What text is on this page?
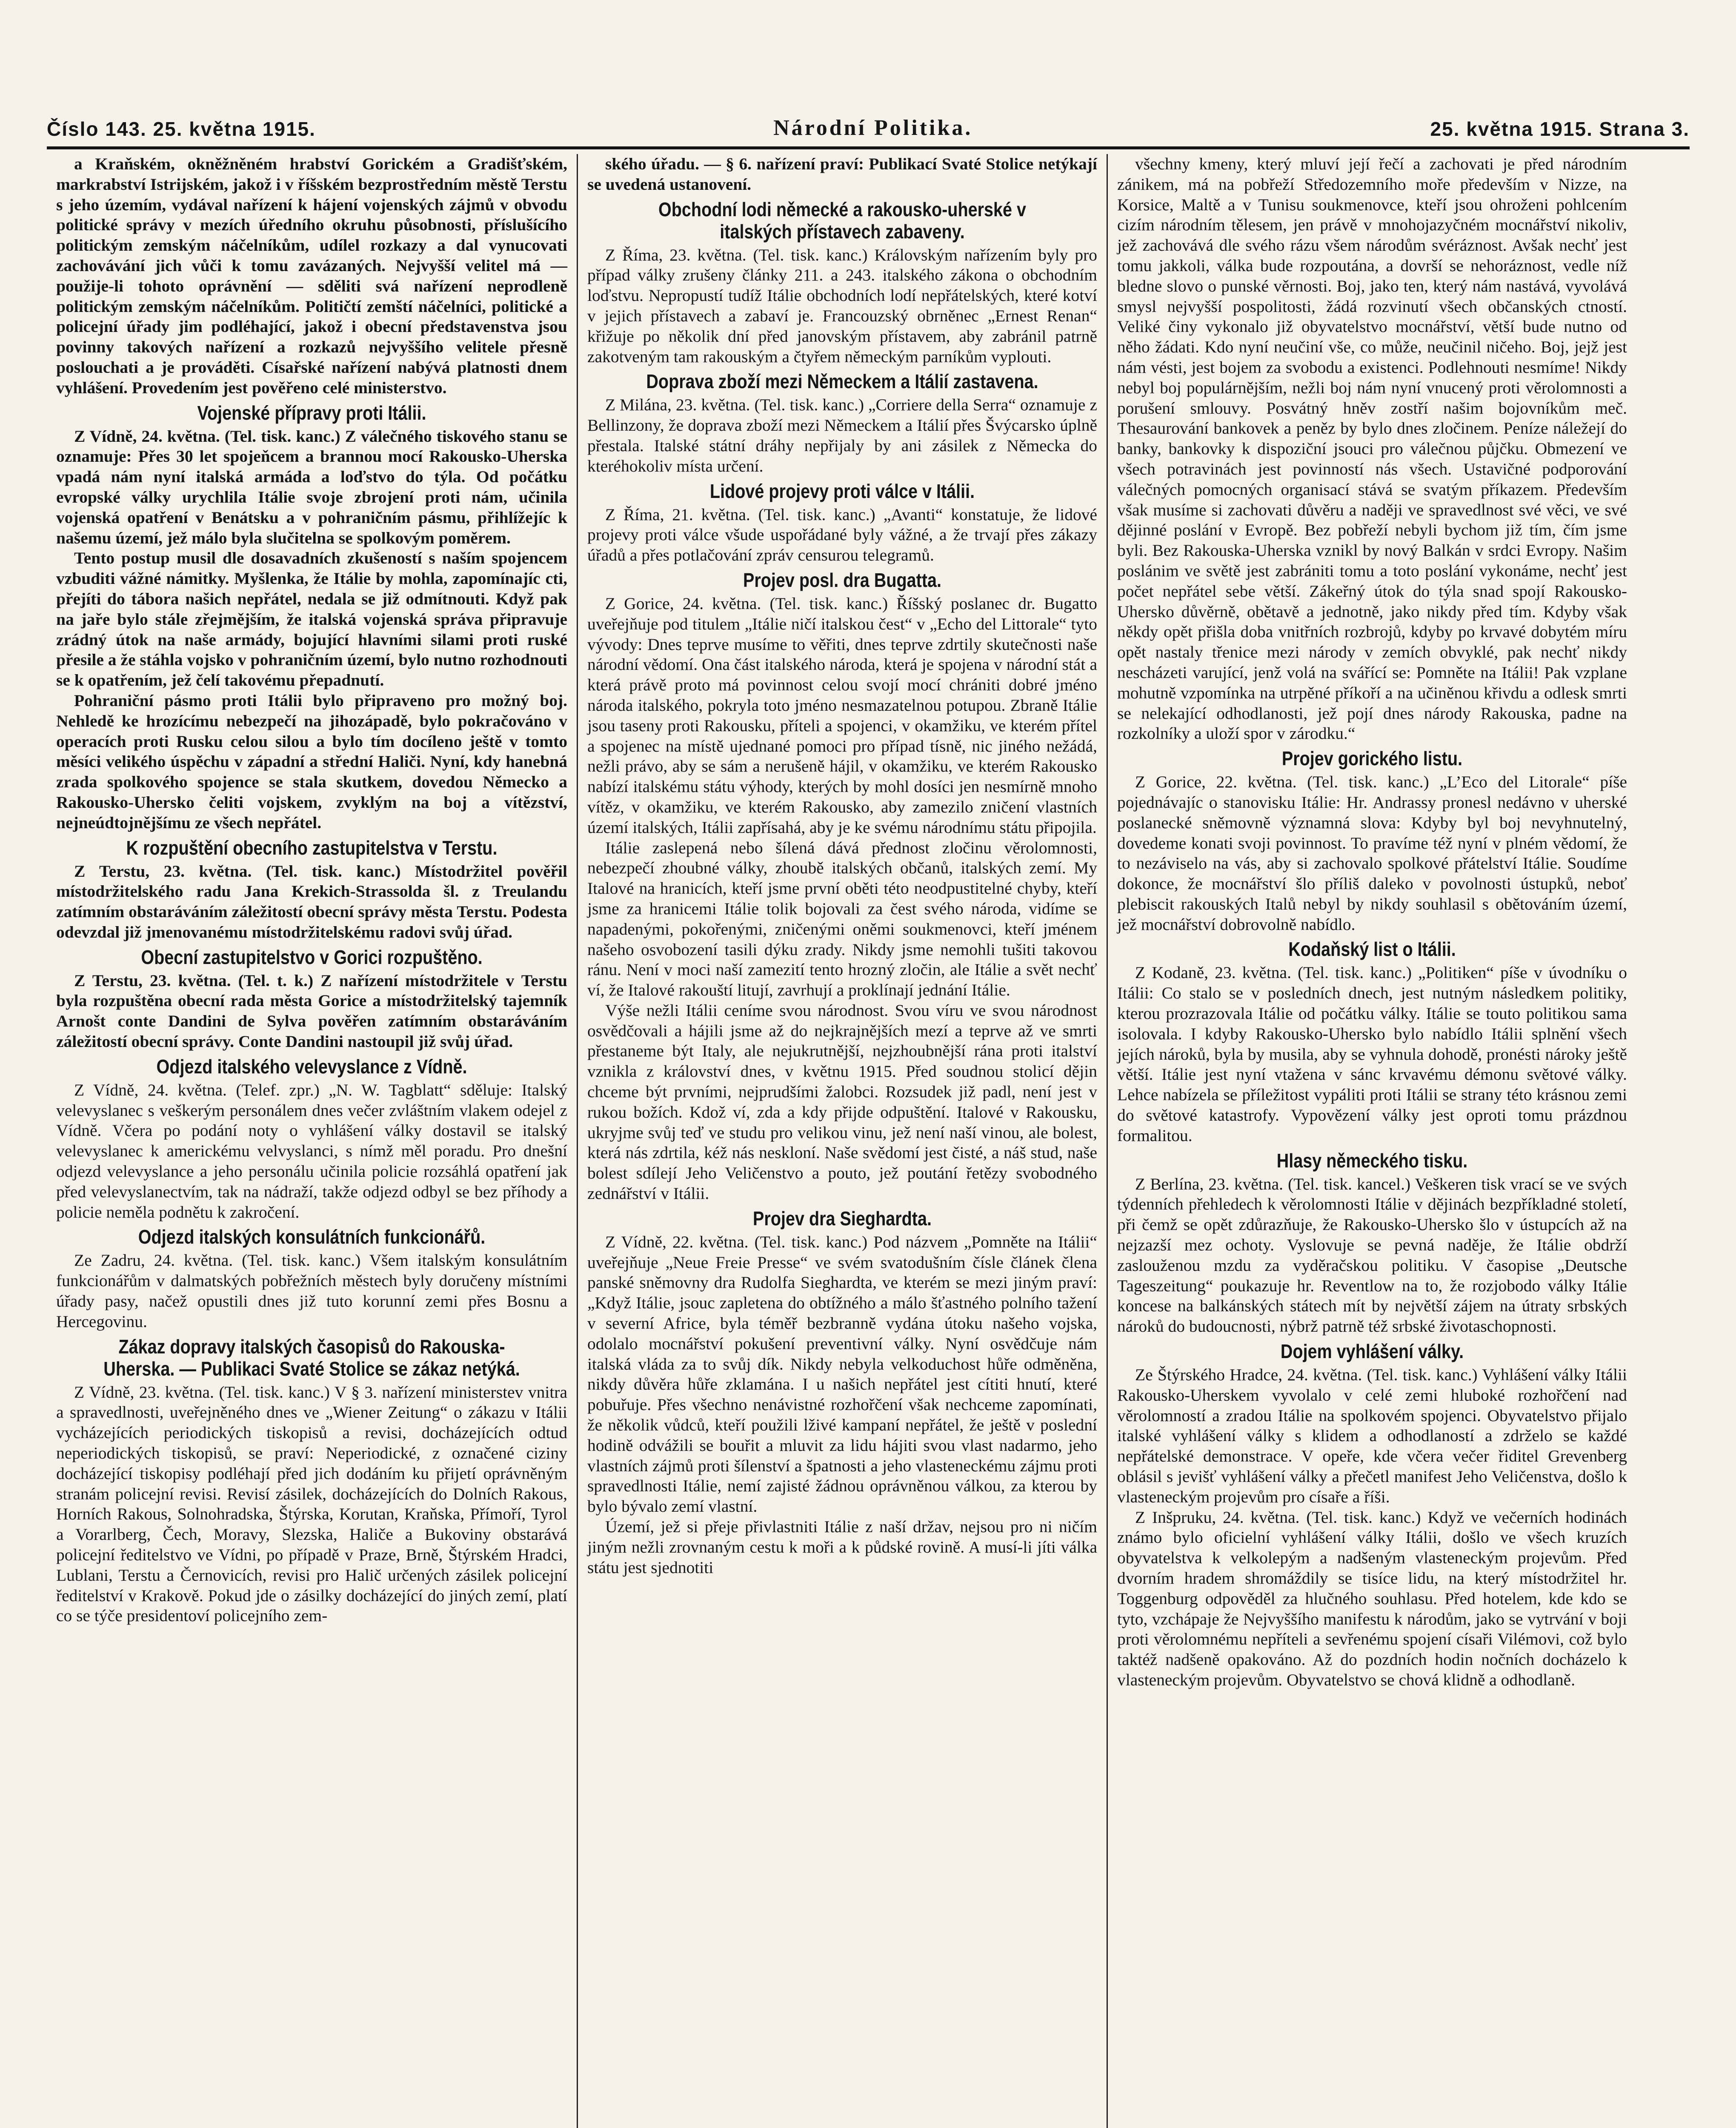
Číslo 143. 25. května 1915.	Národní Politika.	25. května 1915. Strana 3.

a Kraňském, okněžněném hrabství Gorickém a Gradišťském, markrabství Istrijském, jakož i v říšském bezprostředním městě Terstu s jeho územím, vydával nařízení k hájení vojenských zájmů v obvodu politické správy v mezích úředního okruhu působnosti, příslušícího politickým zemským náčelníkům, udílel rozkazy a dal vynucovati zachovávání jich vůči k tomu zavázaných. Nejvyšší velitel má — použije-li tohoto oprávnění — sděliti svá nařízení neprodleně politickým zemským náčelníkům. Političtí zemští náčelníci, politické a policejní úřady jim podléhající, jakož i obecní představenstva jsou povinny takových nařízení a rozkazů nejvyššího velitele přesně poslouchati a je prováděti. Císařské nařízení nabývá platnosti dnem vyhlášení. Provedením jest pověřeno celé ministerstvo.

Vojenské přípravy proti Itálii.

Z Vídně, 24. května. (Tel. tisk. kanc.) Z válečného tiskového stanu se oznamuje: Přes 30 let spojeňcem a brannou mocí Rakousko-Uherska vpadá nám nyní italská armáda a loďstvo do týla. Od počátku evropské války urychlila Itálie svoje zbrojení proti nám, učinila vojenská opatření v Benátsku a v pohraničním pásmu, přihlížejíc k našemu území, jež málo byla slučitelna se spolkovým poměrem.

Tento postup musil dle dosavadních zkušeností s naším spojencem vzbuditi vážné námitky. Myšlenka, že Itálie by mohla, zapomínajíc cti, přejíti do tábora našich nepřátel, nedala se již odmítnouti. Když pak na jaře bylo stále zřejmějším, že italská vojenská správa připravuje zrádný útok na naše armády, bojující hlavními silami proti ruské přesile a že stáhla vojsko v pohraničním území, bylo nutno rozhodnouti se k opatřením, jež čelí takovému přepadnutí.

Pohraniční pásmo proti Itálii bylo připraveno pro možný boj. Nehledě ke hrozícímu nebezpečí na jihozápadě, bylo pokračováno v operacích proti Rusku celou silou a bylo tím docíleno ještě v tomto měsíci velikého úspěchu v západní a střední Haliči. Nyní, kdy hanebná zrada spolkového spojence se stala skutkem, dovedou Německo a Rakousko-Uhersko čeliti vojskem, zvyklým na boj a vítězství, nejneúdtojnějšímu ze všech nepřátel.

K rozpuštění obecního zastupitelstva v Terstu.

Z Terstu, 23. května. (Tel. tisk. kanc.) Místodržitel pověřil místodržitelského radu Jana Krekich-Strassolda šl. z Treulandu zatímním obstaráváním záležitostí obecní správy města Terstu. Podesta odevzdal již jmenovanému místodržitelskému radovi svůj úřad.

Obecní zastupitelstvo v Gorici rozpuštěno.

Z Terstu, 23. května. (Tel. t. k.) Z nařízení místodržitele v Terstu byla rozpuštěna obecní rada města Gorice a místodržitelský tajemník Arnošt conte Dandini de Sylva pověřen zatímním obstaráváním záležitostí obecní správy. Conte Dandini nastoupil již svůj úřad.

Odjezd italského velevyslance z Vídně.

Z Vídně, 24. května. (Telef. zpr.) „N. W. Tagblatt“ sděluje: Italský velevyslanec s veškerým personálem dnes večer zvláštním vlakem odejel z Vídně. Včera po podání noty o vyhlášení války dostavil se italský velevyslanec k americkému velvyslanci, s nímž měl poradu. Pro dnešní odjezd velevyslance a jeho personálu učinila policie rozsáhlá opatření jak před velevyslanectvím, tak na nádraží, takže odjezd odbyl se bez příhody a policie neměla podnětu k zakročení.

Odjezd italských konsulátních funkcionářů.

Ze Zadru, 24. května. (Tel. tisk. kanc.) Všem italským konsulátním funkcionářům v dalmatských pobřežních městech byly doručeny místními úřady pasy, načež opustili dnes již tuto korunní zemi přes Bosnu a Hercegovinu.

Zákaz dopravy italských časopisů do Rakouska-Uherska. — Publikaci Svaté Stolice se zákaz netýká.

Z Vídně, 23. května. (Tel. tisk. kanc.) V § 3. nařízení ministerstev vnitra a spravedlnosti, uveřejněného dnes ve „Wiener Zeitung“ o zákazu v Itálii vycházejících periodických tiskopisů a revisi, docházejících odtud neperiodických tiskopisů, se praví: Neperiodické, z označené ciziny docházející tiskopisy podléhají před jich dodáním ku přijetí oprávněným stranám policejní revisi. Revisí zásilek, docházejících do Dolních Rakous, Horních Rakous, Solnohradska, Štýrska, Korutan, Kraňska, Přímoří, Tyrol a Vorarlberg, Čech, Moravy, Slezska, Haliče a Bukoviny obstarává policejní ředitelstvo ve Vídni, po případě v Praze, Brně, Štýrském Hradci, Lublani, Terstu a Černovicích, revisi pro Halič určených zásilek policejní ředitelství v Krakově. Pokud jde o zásilky docházející do jiných zemí, platí co se týče presidentoví policejního zem-

ského úřadu. — § 6. nařízení praví: Publikací Svaté Stolice netýkají se uvedená ustanovení.

Obchodní lodi německé a rakousko-uherské v italských přístavech zabaveny.

Z Říma, 23. května. (Tel. tisk. kanc.) Královským nařízením byly pro případ války zrušeny články 211. a 243. italského zákona o obchodním loďstvu. Nepropustí tudíž Itálie obchodních lodí nepřátelských, které kotví v jejich přístavech a zabaví je. Francouzský obrněnec „Ernest Renan“ křižuje po několik dní před janovským přístavem, aby zabránil patrně zakotveným tam rakouským a čtyřem německým parníkům vyplouti.

Doprava zboží mezi Německem a Itálií zastavena.

Z Milána, 23. května. (Tel. tisk. kanc.) „Corriere della Serra“ oznamuje z Bellinzony, že doprava zboží mezi Německem a Itálií přes Švýcarsko úplně přestala. Italské státní dráhy nepřijaly by ani zásilek z Německa do kteréhokoliv místa určení.

Lidové projevy proti válce v Itálii.

Z Říma, 21. května. (Tel. tisk. kanc.) „Avanti“ konstatuje, že lidové projevy proti válce všude uspořádané byly vážné, a že trvají přes zákazy úřadů a přes potlačování zpráv censurou telegramů.

Projev posl. dra Bugatta.

Z Gorice, 24. května. (Tel. tisk. kanc.) Říšský poslanec dr. Bugatto uveřejňuje pod titulem „Itálie ničí italskou čest“ v „Echo del Littorale“ tyto vývody: Dnes teprve musíme to věřiti, dnes teprve zdrtily skutečnosti naše národní vědomí. Ona část italského národa, která je spojena v národní stát a která právě proto má povinnost celou svojí mocí chrániti dobré jméno národa italského, pokryla toto jméno nesmazatelnou potupou. Zbraně Itálie jsou taseny proti Rakousku, příteli a spojenci, v okamžiku, ve kterém přítel a spojenec na místě ujednané pomoci pro případ tísně, nic jiného nežádá, nežli právo, aby se sám a nerušeně hájil, v okamžiku, ve kterém Rakousko nabízí italskému státu výhody, kterých by mohl dosíci jen nesmírně mnoho vítěz, v okamžiku, ve kterém Rakousko, aby zamezilo zničení vlastních území italských, Itálii zapřísahá, aby je ke svému národnímu státu připojila.

Itálie zaslepená nebo šílená dává přednost zločinu věrolomnosti, nebezpečí zhoubné války, zhoubě italských občanů, italských zemí. My Italové na hranicích, kteří jsme první oběti této neodpustitelné chyby, kteří jsme za hranicemi Itálie tolik bojovali za čest svého národa, vidíme se napadenými, pokořenými, zničenými oněmi soukmenovci, kteří jménem našeho osvobození tasili dýku zrady. Nikdy jsme nemohli tušiti takovou ránu. Není v moci naší zamezití tento hrozný zločin, ale Itálie a svět nechť ví, že Italové rakouští litují, zavrhují a proklínají jednání Itálie.

Výše nežli Itálii ceníme svou národnost. Svou víru ve svou národnost osvědčovali a hájili jsme až do nejkrajnějších mezí a teprve až ve smrti přestaneme být Italy, ale nejukrutnější, nejzhoubnější rána proti italství vznikla z království dnes, v květnu 1915. Před soudnou stolicí dějin chceme být prvními, nejprudšími žalobci. Rozsudek již padl, není jest v rukou božích. Kdož ví, zda a kdy přijde odpuštění. Italové v Rakousku, ukryjme svůj teď ve studu pro velikou vinu, jež není naší vinou, ale bolest, která nás zdrtila, kéž nás neskloní. Naše svědomí jest čisté, a náš stud, naše bolest sdílejí Jeho Veličenstvo a pouto, jež poutání řetězy svobodného zednářství v Itálii.

Projev dra Sieghardta.

Z Vídně, 22. května. (Tel. tisk. kanc.) Pod názvem „Pomněte na Itálii“ uveřejňuje „Neue Freie Presse“ ve svém svatodušním čísle článek člena panské sněmovny dra Rudolfa Sieghardta, ve kterém se mezi jiným praví: „Když Itálie, jsouc zapletena do obtížného a málo šťastného polního tažení v severní Africe, byla téměř bezbranně vydána útoku našeho vojska, odolalo mocnářství pokušení preventivní války. Nyní osvědčuje nám italská vláda za to svůj dík. Nikdy nebyla velkoduchost hůře odměněna, nikdy důvěra hůře zklamána. I u našich nepřátel jest cítiti hnutí, které pobuřuje. Přes všechno nenávistné rozhořčení však nechceme zapomínati, že několik vůdců, kteří použili lživé kampaní nepřátel, že ještě v poslední hodině odvážili se bouřit a mluvit za lidu hájiti svou vlast nadarmo, jeho vlastních zájmů proti šílenství a špatnosti a jeho vlasteneckému zájmu proti spravedlnosti Itálie, nemí zajisté žádnou oprávněnou válkou, za kterou by bylo bývalo zemí vlastní.

Území, jež si přeje přivlastniti Itálie z naší držav, nejsou pro ni ničím jiným nežli zrovnaným cestu k moři a k půdské rovině. A musí-li jíti válka státu jest sjednotiti

všechny kmeny, který mluví její řečí a zachovati je před národním zánikem, má na pobřeží Středozemního moře především v Nizze, na Korsice, Maltě a v Tunisu soukmenovce, kteří jsou ohroženi pohlcením cizím národním tělesem, jen právě v mnohojazyčném mocnářství nikoliv, jež zachovává dle svého rázu všem národům svéráznost. Avšak nechť jest tomu jakkoli, válka bude rozpoutána, a dovrší se nehoráznost, vedle níž bledne slovo o punské věrnosti. Boj, jako ten, který nám nastává, vyvolává smysl nejvyšší pospolitosti, žádá rozvinutí všech občanských ctností. Veliké činy vykonalo již obyvatelstvo mocnářství, větší bude nutno od něho žádati. Kdo nyní neučiní vše, co může, neučinil ničeho. Boj, jejž jest nám vésti, jest bojem za svobodu a existenci. Podlehnouti nesmíme! Nikdy nebyl boj populárnějším, nežli boj nám nyní vnucený proti věrolomnosti a porušení smlouvy. Posvátný hněv zostří našim bojovníkům meč. Thesaurování bankovek a peněz by bylo dnes zločinem. Peníze náležejí do banky, bankovky k dispoziční jsouci pro válečnou půjčku. Obmezení ve všech potravinách jest povinností nás všech. Ustavičné podporování válečných pomocných organisací stává se svatým příkazem. Především však musíme si zachovati důvěru a naději ve spravedlnost své věci, ve své dějinné poslání v Evropě. Bez pobřeží nebyli bychom již tím, čím jsme byli. Bez Rakouska-Uherska vznikl by nový Balkán v srdci Evropy. Našim poslánim ve světě jest zabrániti tomu a toto poslání vykonáme, nechť jest počet nepřátel sebe větší. Zákeřný útok do týla snad spojí Rakousko-Uhersko důvěrně, obětavě a jednotně, jako nikdy před tím. Kdyby však někdy opět přišla doba vnitřních rozbrojů, kdyby po krvavé dobytém míru opět nastaly třenice mezi národy v zemích obvyklé, pak nechť nikdy nescházeti varující, jenž volá na svářící se: Pomněte na Itálii! Pak vzplane mohutně vzpomínka na utrpěné příkoří a na učiněnou křivdu a odlesk smrti se nelekající odhodlanosti, jež pojí dnes národy Rakouska, padne na rozkolníky a uloží spor v zárodku.“

Projev gorického listu.

Z Gorice, 22. května. (Tel. tisk. kanc.) „L’Eco del Litorale“ píše pojednávajíc o stanovisku Itálie: Hr. Andrassy pronesl nedávno v uherské poslanecké sněmovně významná slova: Kdyby byl boj nevyhnutelný, dovedeme konati svoji povinnost. To pravíme též nyní v plném vědomí, že to nezáviselo na vás, aby si zachovalo spolkové přátelství Itálie. Soudíme dokonce, že mocnářství šlo příliš daleko v povolnosti ústupků, neboť plebiscit rakouských Italů nebyl by nikdy souhlasil s obětováním území, jež mocnářství dobrovolně nabídlo.

Kodaňský list o Itálii.

Z Kodaně, 23. května. (Tel. tisk. kanc.) „Politiken“ píše v úvodníku o Itálii: Co stalo se v posledních dnech, jest nutným následkem politiky, kterou prozrazovala Itálie od počátku války. Itálie se touto politikou sama isolovala. I kdyby Rakousko-Uhersko bylo nabídlo Itálii splnění všech jejích nároků, byla by musila, aby se vyhnula dohodě, pronésti nároky ještě větší. Itálie jest nyní vtažena v sánc krvavému démonu světové války. Lehce nabízela se příležitost vypáliti proti Itálii se strany této krásnou zemi do světové katastrofy. Vypovězení války jest oproti tomu prázdnou formalitou.

Hlasy německého tisku.

Z Berlína, 23. května. (Tel. tisk. kancel.) Veškeren tisk vrací se ve svých týdenních přehledech k věrolomnosti Itálie v dějinách bezpříkladné století, při čemž se opět zdůrazňuje, že Rakousko-Uhersko šlo v ústupcích až na nejzazší mez ochoty. Vyslovuje se pevná naděje, že Itálie obdrží zaslouženou mzdu za vyděračskou politiku. V časopise „Deutsche Tageszeitung“ poukazuje hr. Reventlow na to, že rozjobodo války Itálie koncese na balkánských státech mít by největší zájem na útraty srbských nároků do budoucnosti, nýbrž patrně též srbské životaschopnosti.

Dojem vyhlášení války.

Ze Štýrského Hradce, 24. května. (Tel. tisk. kanc.) Vyhlášení války Itálii Rakousko-Uherskem vyvolalo v celé zemi hluboké rozhořčení nad věrolomností a zradou Itálie na spolkovém spojenci. Obyvatelstvo přijalo italské vyhlášení války s klidem a odhodlaností a zdrželo se každé nepřátelské demonstrace. V opeře, kde včera večer řiditel Grevenberg oblásil s jevišť vyhlášení války a přečetl manifest Jeho Veličenstva, došlo k vlasteneckým projevům pro císaře a říši.

Z Inšpruku, 24. května. (Tel. tisk. kanc.) Když ve večerních hodinách známo bylo oficielní vyhlášení války Itálii, došlo ve všech kruzích obyvatelstva k velkolepým a nadšeným vlasteneckým projevům. Před dvorním hradem shromáždily se tisíce lidu, na který místodržitel hr. Toggenburg odpověděl za hlučného souhlasu. Před hotelem, kde kdo se tyto, vzchápaje že Nejvyššího manifestu k národům, jako se vytrvání v boji proti věrolomnému nepříteli a sevřenému spojení císaři Vilémovi, což bylo taktéž nadšeně opakováno. Až do pozdních hodin nočních docházelo k vlasteneckým projevům. Obyvatelstvo se chová klidně a odhodlaně.
